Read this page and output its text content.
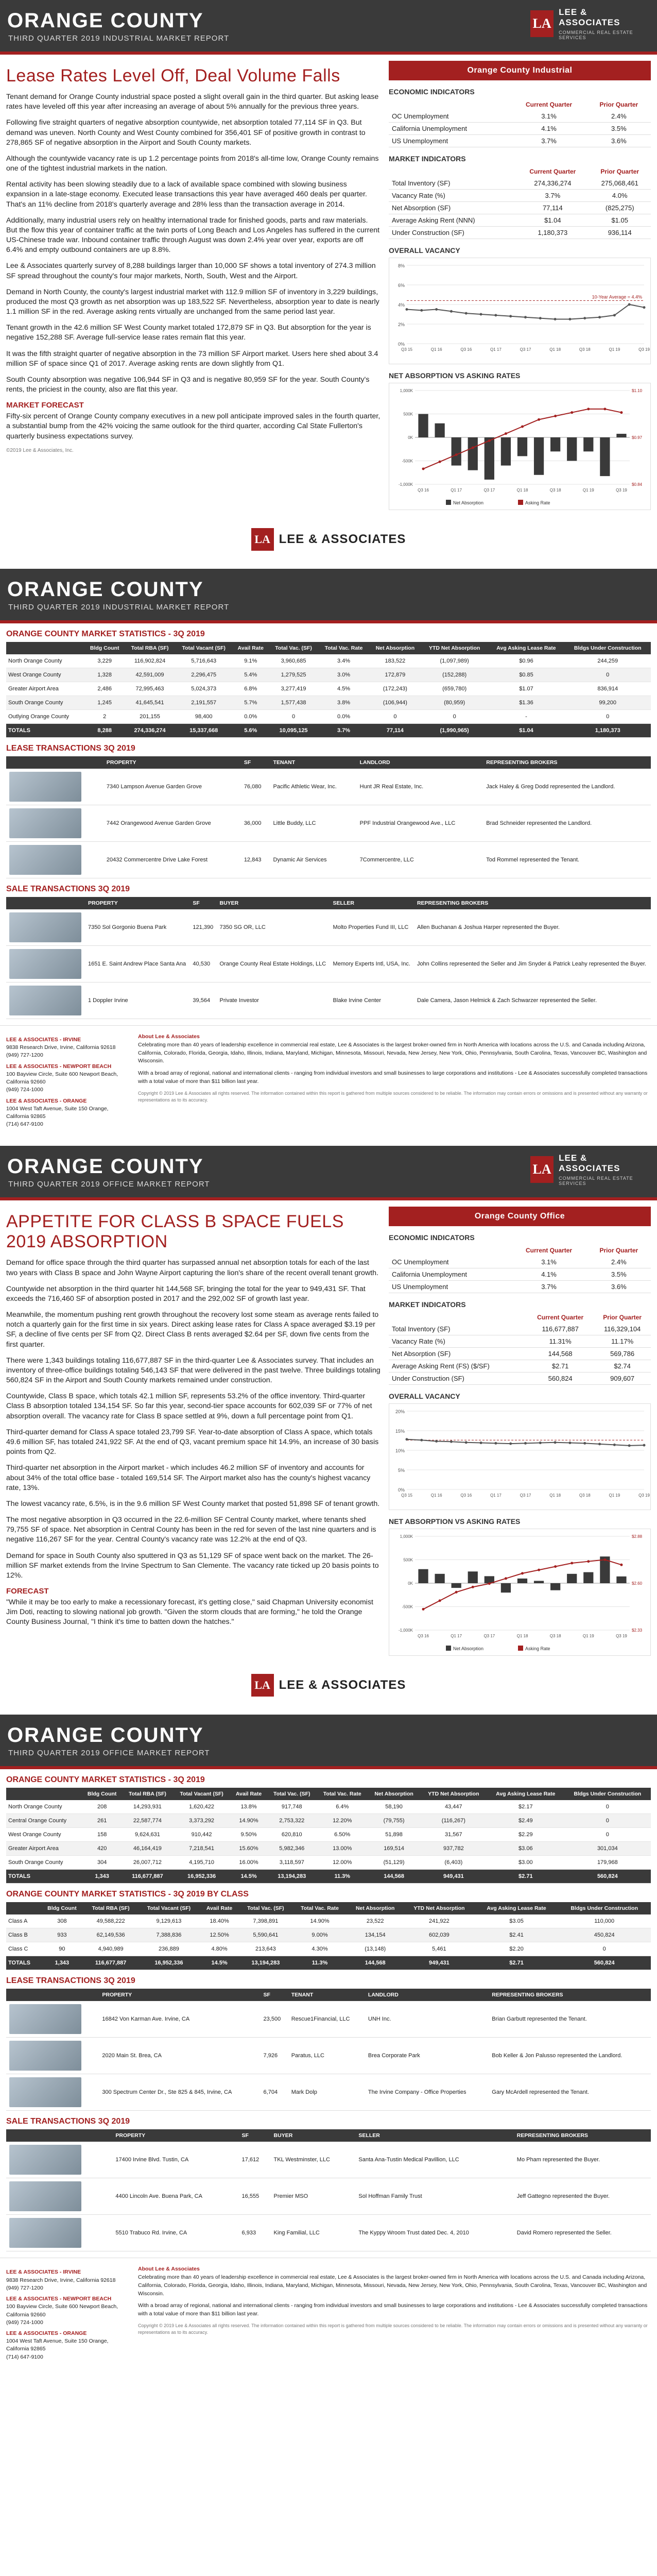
ORANGE COUNTY
THIRD QUARTER 2019 INDUSTRIAL MARKET REPORT
LA
LEE & ASSOCIATES
COMMERCIAL REAL ESTATE SERVICES
Lease Rates Level Off, Deal Volume Falls

Tenant demand for Orange County industrial space posted a slight overall gain in the third quarter. But asking lease rates have leveled off this year after increasing an average of about 5% annually for the previous three years.

Following five straight quarters of negative absorption countywide, net absorption totaled 77,114 SF in Q3. But demand was uneven. North County and West County combined for 356,401 SF of positive growth in contrast to 278,865 SF of negative absorption in the Airport and South County markets.

Although the countywide vacancy rate is up 1.2 percentage points from 2018's all-time low, Orange County remains one of the tightest industrial markets in the nation.

Rental activity has been slowing steadily due to a lack of available space combined with slowing business expansion in a late-stage economy. Executed lease transactions this year have averaged 460 deals per quarter. That's an 11% decline from 2018's quarterly average and 28% less than the transaction average in 2014.

Additionally, many industrial users rely on healthy international trade for finished goods, parts and raw materials. But the flow this year of container traffic at the twin ports of Long Beach and Los Angeles has suffered in the current US-Chinese trade war. Inbound container traffic through August was down 2.4% year over year, exports are off 6.4% and empty outbound containers are up 8.8%.

Lee & Associates quarterly survey of 8,288 buildings larger than 10,000 SF shows a total inventory of 274.3 million SF spread throughout the county's four major markets, North, South, West and the Airport.

Demand in North County, the county's largest industrial market with 112.9 million SF of inventory in 3,229 buildings, produced the most Q3 growth as net absorption was up 183,522 SF. Nevertheless, absorption year to date is nearly 1.1 million SF in the red. Average asking rents virtually are unchanged from the same period last year.

Tenant growth in the 42.6 million SF West County market totaled 172,879 SF in Q3. But absorption for the year is negative 152,288 SF. Average full-service lease rates remain flat this year.

It was the fifth straight quarter of negative absorption in the 73 million SF Airport market. Users here shed about 3.4 million SF of space since Q1 of 2017. Average asking rents are down slightly from Q1.

South County absorption was negative 106,944 SF in Q3 and is negative 80,959 SF for the year. South County's rents, the priciest in the county, also are flat this year.

MARKET FORECAST

Fifty-six percent of Orange County company executives in a new poll anticipate improved sales in the fourth quarter, a substantial bump from the 42% voicing the same outlook for the third quarter, according Cal State Fullerton's quarterly business expectations survey.

©2019 Lee & Associates, Inc.
Orange County Industrial
ECONOMIC INDICATORS
	Current Quarter	Prior Quarter
OC Unemployment	3.1%	2.4%
California Unemployment	4.1%	3.5%
US Unemployment	3.7%	3.6%
MARKET INDICATORS
	Current Quarter	Prior Quarter
Total Inventory (SF)	274,336,274	275,068,461
Vacancy Rate (%)	3.7%	4.0%
Net Absorption (SF)	77,114	(825,275)
Average Asking Rent (NNN)	$1.04	$1.05
Under Construction (SF)	1,180,373	936,114
OVERALL VACANCY
0%
2%
4%
6%
8%
10-Year Average = 4.4%
Q3 15	Q1 16	Q3 16	Q1 17	Q3 17	Q1 18	Q3 18	Q1 19	Q3 19
NET ABSORPTION VS ASKING RATES
-1,000K
-500K
0K
500K
1,000K
$0.84
$0.97
$1.10
Q3 16	Q1 17	Q3 17	Q1 18	Q3 18	Q1 19	Q3 19
Net Absorption	Asking Rate
LA LEE & ASSOCIATES
ORANGE COUNTY
THIRD QUARTER 2019 INDUSTRIAL MARKET REPORT
ORANGE COUNTY MARKET STATISTICS - 3Q 2019
	Bldg Count	Total RBA (SF)	Total Vacant (SF)	Avail Rate	Total Vac. (SF)	Total Vac. Rate	Net Absorption	YTD Net Absorption	Avg Asking Lease Rate	Bldgs Under Construction
North Orange County	3,229	116,902,824	5,716,643	9.1%	3,960,685	3.4%	183,522	(1,097,989)	$0.96	244,259
West Orange County	1,328	42,591,009	2,296,475	5.4%	1,279,525	3.0%	172,879	(152,288)	$0.85	0
Greater Airport Area	2,486	72,995,463	5,024,373	6.8%	3,277,419	4.5%	(172,243)	(659,780)	$1.07	836,914
South Orange County	1,245	41,645,541	2,191,557	5.7%	1,577,438	3.8%	(106,944)	(80,959)	$1.36	99,200
Outlying Orange County	2	201,155	98,400	0.0%	0	0.0%	0	0	-	0
TOTALS	8,288	274,336,274	15,337,668	5.6%	10,095,125	3.7%	77,114	(1,990,965)	$1.04	1,180,373
LEASE TRANSACTIONS 3Q 2019
	PROPERTY	SF	TENANT	LANDLORD	REPRESENTING BROKERS

	7340 Lampson Avenue Garden Grove	76,080	Pacific Athletic Wear, Inc.	Hunt JR Real Estate, Inc.	Jack Haley & Greg Dodd represented the Landlord.

	7442 Orangewood Avenue Garden Grove	36,000	Little Buddy, LLC	PPF Industrial Orangewood Ave., LLC	Brad Schneider represented the Landlord.

	20432 Commercentre Drive Lake Forest	12,843	Dynamic Air Services	7Commercentre, LLC	Tod Rommel represented the Tenant.
SALE TRANSACTIONS 3Q 2019
	PROPERTY	SF	BUYER	SELLER	REPRESENTING BROKERS

	7350 Sol Gorgonio Buena Park	121,390	7350 SG OR, LLC	Molto Properties Fund III, LLC	Allen Buchanan & Joshua Harper represented the Buyer.

	1651 E. Saint Andrew Place Santa Ana	40,530	Orange County Real Estate Holdings, LLC	Memory Experts Intl, USA, Inc.	John Collins represented the Seller and Jim Snyder & Patrick Leahy represented the Buyer.

	1 Doppler Irvine	39,564	Private Investor	Blake Irvine Center	Dale Camera, Jason Helmick & Zach Schwarzer represented the Seller.
LEE & ASSOCIATES - IRVINE
9838 Research Drive, Irvine, California 92618
(949) 727-1200
LEE & ASSOCIATES - NEWPORT BEACH
100 Bayview Circle, Suite 600 Newport Beach, California 92660
(949) 724-1000
LEE & ASSOCIATES - ORANGE
1004 West Taft Avenue, Suite 150 Orange, California 92865
(714) 647-9100
About Lee & Associates
Celebrating more than 40 years of leadership excellence in commercial real estate, Lee & Associates is the largest broker-owned firm in North America with locations across the U.S. and Canada including Arizona, California, Colorado, Florida, Georgia, Idaho, Illinois, Indiana, Maryland, Michigan, Minnesota, Missouri, Nevada, New Jersey, New York, Ohio, Pennsylvania, South Carolina, Texas, Vancouver BC, Washington and Wisconsin.
With a broad array of regional, national and international clients - ranging from individual investors and small businesses to large corporations and institutions - Lee & Associates successfully completed transactions with a total value of more than $11 billion last year.
Copyright © 2019 Lee & Associates all rights reserved. The information contained within this report is gathered from multiple sources considered to be reliable. The information may contain errors or omissions and is presented without any warranty or representations as to its accuracy.
ORANGE COUNTY
THIRD QUARTER 2019 OFFICE MARKET REPORT
LA
LEE & ASSOCIATES
COMMERCIAL REAL ESTATE SERVICES
APPETITE FOR CLASS B SPACE FUELS 2019 ABSORPTION

Demand for office space through the third quarter has surpassed annual net absorption totals for each of the last two years with Class B space and John Wayne Airport capturing the lion's share of the recent overall tenant growth.

Countywide net absorption in the third quarter hit 144,568 SF, bringing the total for the year to 949,431 SF. That exceeds the 716,460 SF of absorption posted in 2017 and the 292,002 SF of growth last year.

Meanwhile, the momentum pushing rent growth throughout the recovery lost some steam as average rents failed to notch a quarterly gain for the first time in six years. Direct asking lease rates for Class A space averaged $3.19 per SF, a decline of five cents per SF from Q2. Direct Class B rents averaged $2.64 per SF, down five cents from the first quarter.

There were 1,343 buildings totaling 116,677,887 SF in the third-quarter Lee & Associates survey. That includes an inventory of three-office buildings totaling 546,143 SF that were delivered in the past twelve. Three buildings totaling 560,824 SF in the Airport and South County markets remained under construction.

Countywide, Class B space, which totals 42.1 million SF, represents 53.2% of the office inventory. Third-quarter Class B absorption totaled 134,154 SF. So far this year, second-tier space accounts for 602,039 SF or 77% of net absorption overall. The vacancy rate for Class B space settled at 9%, down a full percentage point from Q1.

Third-quarter demand for Class A space totaled 23,799 SF. Year-to-date absorption of Class A space, which totals 49.6 million SF, has totaled 241,922 SF. At the end of Q3, vacant premium space hit 14.9%, an increase of 30 basis points from Q2.

Third-quarter net absorption in the Airport market - which includes 46.2 million SF of inventory and accounts for about 34% of the total office base - totaled 169,514 SF. The Airport market also has the county's highest vacancy rate, 13%.

The lowest vacancy rate, 6.5%, is in the 9.6 million SF West County market that posted 51,898 SF of tenant growth.

The most negative absorption in Q3 occurred in the 22.6-million SF Central County market, where tenants shed 79,755 SF of space. Net absorption in Central County has been in the red for seven of the last nine quarters and is negative 116,267 SF for the year. Central County's vacancy rate was 12.2% at the end of Q3.

Demand for space in South County also sputtered in Q3 as 51,129 SF of space went back on the market. The 26-million SF market extends from the Irvine Spectrum to San Clemente. The vacancy rate ticked up 20 basis points to 12%.

FORECAST

"While it may be too early to make a recessionary forecast, it's getting close," said Chapman University economist Jim Doti, reacting to slowing national job growth. "Given the storm clouds that are forming," he told the Orange County Business Journal, "I think it's time to batten down the hatches."

Orange County Office
ECONOMIC INDICATORS
	Current Quarter	Prior Quarter
OC Unemployment	3.1%	2.4%
California Unemployment	4.1%	3.5%
US Unemployment	3.7%	3.6%
MARKET INDICATORS
	Current Quarter	Prior Quarter
Total Inventory (SF)	116,677,887	116,329,104
Vacancy Rate (%)	11.31%	11.17%
Net Absorption (SF)	144,568	569,786
Average Asking Rent (FS) ($/SF)	$2.71	$2.74
Under Construction (SF)	560,824	909,607
OVERALL VACANCY
0%
5%
10%
15%
20%
Q3 15	Q1 16	Q3 16	Q1 17	Q3 17	Q1 18	Q3 18	Q1 19	Q3 19
NET ABSORPTION VS ASKING RATES
-1,000K
-500K
0K
500K
1,000K
$2.33
$2.60
$2.88
Q3 16	Q1 17	Q3 17	Q1 18	Q3 18	Q1 19	Q3 19
Net Absorption	Asking Rate
LA LEE & ASSOCIATES
ORANGE COUNTY
THIRD QUARTER 2019 OFFICE MARKET REPORT
ORANGE COUNTY MARKET STATISTICS - 3Q 2019
	Bldg Count	Total RBA (SF)	Total Vacant (SF)	Avail Rate	Total Vac. (SF)	Total Vac. Rate	Net Absorption	YTD Net Absorption	Avg Asking Lease Rate	Bldgs Under Construction
North Orange County	208	14,293,931	1,620,422	13.8%	917,748	6.4%	58,190	43,447	$2.17	0
Central Orange County	261	22,587,774	3,373,292	14.90%	2,753,322	12.20%	(79,755)	(116,267)	$2.49	0
West Orange County	158	9,624,631	910,442	9.50%	620,810	6.50%	51,898	31,567	$2.29	0
Greater Airport Area	420	46,164,419	7,218,541	15.60%	5,982,346	13.00%	169,514	937,782	$3.06	301,034
South Orange County	304	26,007,712	4,195,710	16.00%	3,118,597	12.00%	(51,129)	(6,403)	$3.00	179,968
TOTALS	1,343	116,677,887	16,952,336	14.5%	13,194,283	11.3%	144,568	949,431	$2.71	560,824
ORANGE COUNTY MARKET STATISTICS - 3Q 2019 BY CLASS
	Bldg Count	Total RBA (SF)	Total Vacant (SF)	Avail Rate	Total Vac. (SF)	Total Vac. Rate	Net Absorption	YTD Net Absorption	Avg Asking Lease Rate	Bldgs Under Construction
Class A	308	49,588,222	9,129,613	18.40%	7,398,891	14.90%	23,522	241,922	$3.05	110,000
Class B	933	62,149,536	7,388,836	12.50%	5,590,641	9.00%	134,154	602,039	$2.41	450,824
Class C	90	4,940,989	236,889	4.80%	213,643	4.30%	(13,148)	5,461	$2.20	0
TOTALS	1,343	116,677,887	16,952,336	14.5%	13,194,283	11.3%	144,568	949,431	$2.71	560,824
LEASE TRANSACTIONS 3Q 2019
	PROPERTY	SF	TENANT	LANDLORD	REPRESENTING BROKERS

	16842 Von Karman Ave. Irvine, CA	23,500	Rescue1Financial, LLC	UNH Inc.	Brian Garbutt represented the Tenant.

	2020 Main St. Brea, CA	7,926	Paratus, LLC	Brea Corporate Park	Bob Keller & Jon Palusso represented the Landlord.

	300 Spectrum Center Dr., Ste 825 & 845, Irvine, CA	6,704	Mark Dolp	The Irvine Company - Office Properties	Gary McArdell represented the Tenant.
SALE TRANSACTIONS 3Q 2019
	PROPERTY	SF	BUYER	SELLER	REPRESENTING BROKERS

	17400 Irvine Blvd. Tustin, CA	17,612	TKL Westminster, LLC	Santa Ana-Tustin Medical Pavillion, LLC	Mo Pham represented the Buyer.

	4400 Lincoln Ave. Buena Park, CA	16,555	Premier MSO	Sol Hoffman Family Trust	Jeff Gattegno represented the Buyer.

	5510 Trabuco Rd. Irvine, CA	6,933	King Familial, LLC	The Kyppy Wroom Trust dated Dec. 4, 2010	David Romero represented the Seller.
LEE & ASSOCIATES - IRVINE
9838 Research Drive, Irvine, California 92618
(949) 727-1200
LEE & ASSOCIATES - NEWPORT BEACH
100 Bayview Circle, Suite 600 Newport Beach, California 92660
(949) 724-1000
LEE & ASSOCIATES - ORANGE
1004 West Taft Avenue, Suite 150 Orange, California 92865
(714) 647-9100
About Lee & Associates
Celebrating more than 40 years of leadership excellence in commercial real estate, Lee & Associates is the largest broker-owned firm in North America with locations across the U.S. and Canada including Arizona, California, Colorado, Florida, Georgia, Idaho, Illinois, Indiana, Maryland, Michigan, Minnesota, Missouri, Nevada, New Jersey, New York, Ohio, Pennsylvania, South Carolina, Texas, Vancouver BC, Washington and Wisconsin.
With a broad array of regional, national and international clients - ranging from individual investors and small businesses to large corporations and institutions - Lee & Associates successfully completed transactions with a total value of more than $11 billion last year.
Copyright © 2019 Lee & Associates all rights reserved. The information contained within this report is gathered from multiple sources considered to be reliable. The information may contain errors or omissions and is presented without any warranty or representations as to its accuracy.
